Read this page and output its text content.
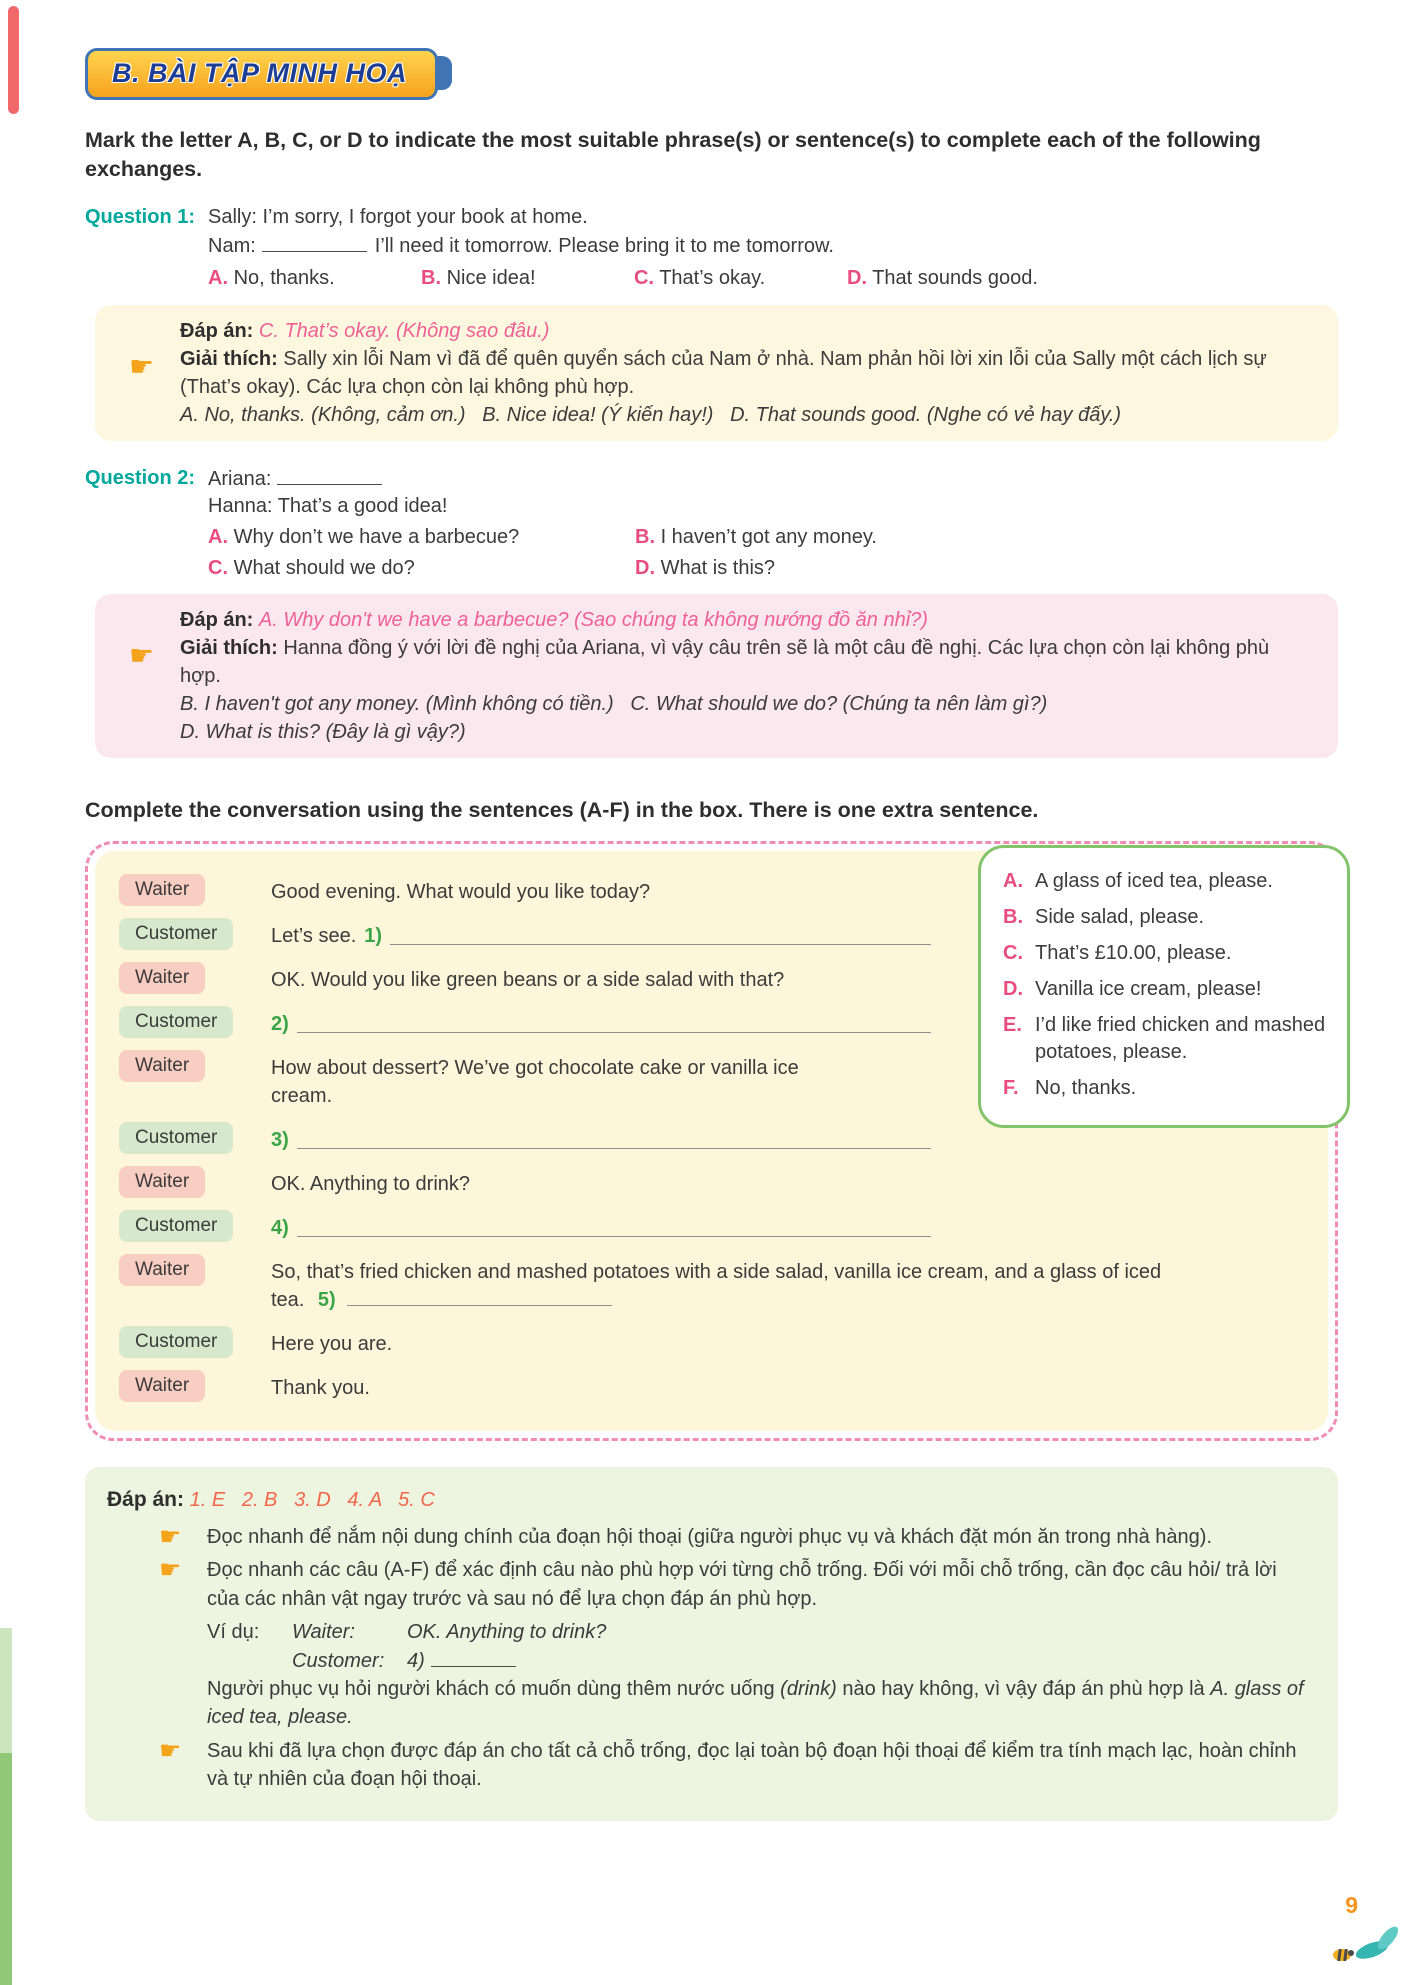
B. BÀI TẬP MINH HOẠ

Mark the letter A, B, C, or D to indicate the most suitable phrase(s) or sentence(s) to complete each of the following exchanges.

Question 1: Sally: I’m sorry, I forgot your book at home.
Nam:	I’ll need it tomorrow. Please bring it to me tomorrow.
A. No, thanks.	B. Nice idea!	C. That’s okay.	D. That sounds good.
☛
Đáp án: C. That’s okay. (Không sao đâu.)
Giải thích: Sally xin lỗi Nam vì đã để quên quyển sách của Nam ở nhà. Nam phản hồi lời xin lỗi của Sally một cách lịch sự (That’s okay). Các lựa chọn còn lại không phù hợp.
A. No, thanks. (Không, cảm ơn.)   B. Nice idea! (Ý kiến hay!)   D. That sounds good. (Nghe có vẻ hay đấy.)
Question 2: Ariana:
Hanna: That’s a good idea!
A. Why don’t we have a barbecue?	B. I haven’t got any money.
C. What should we do?	D. What is this?
☛
Đáp án: A. Why don't we have a barbecue? (Sao chúng ta không nướng đồ ăn nhỉ?)
Giải thích: Hanna đồng ý với lời đề nghị của Ariana, vì vậy câu trên sẽ là một câu đề nghị. Các lựa chọn còn lại không phù hợp.
B. I haven't got any money. (Mình không có tiền.)   C. What should we do? (Chúng ta nên làm gì?)
D. What is this? (Đây là gì vậy?)

Complete the conversation using the sentences (A-F) in the box. There is one extra sentence.

Waiter	Good evening. What would you like today?
Customer	Let’s see. 1)
Waiter	OK. Would you like green beans or a side salad with that?
Customer	2)
Waiter	How about dessert? We’ve got chocolate cake or vanilla ice cream.
Customer	3)
Waiter	OK. Anything to drink?
Customer	4)
Waiter	So, that’s fried chicken and mashed potatoes with a side salad, vanilla ice cream, and a glass of iced tea. 5)
Customer	Here you are.
Waiter	Thank you.
A. A glass of iced tea, please.
B. Side salad, please.
C. That’s £10.00, please.
D. Vanilla ice cream, please!
E. I’d like fried chicken and mashed potatoes, please.
F. No, thanks.
Đáp án: 1. E   2. B   3. D   4. A   5. C
☛	Đọc nhanh để nắm nội dung chính của đoạn hội thoại (giữa người phục vụ và khách đặt món ăn trong nhà hàng).
☛	Đọc nhanh các câu (A-F) để xác định câu nào phù hợp với từng chỗ trống. Đối với mỗi chỗ trống, cần đọc câu hỏi/ trả lời của các nhân vật ngay trước và sau nó để lựa chọn đáp án phù hợp.
Ví dụ:	Waiter:	OK. Anything to drink?
Customer:	4)
Người phục vụ hỏi người khách có muốn dùng thêm nước uống (drink) nào hay không, vì vậy đáp án phù hợp là A. glass of iced tea, please.
☛	Sau khi đã lựa chọn được đáp án cho tất cả chỗ trống, đọc lại toàn bộ đoạn hội thoại để kiểm tra tính mạch lạc, hoàn chỉnh và tự nhiên của đoạn hội thoại.
9
